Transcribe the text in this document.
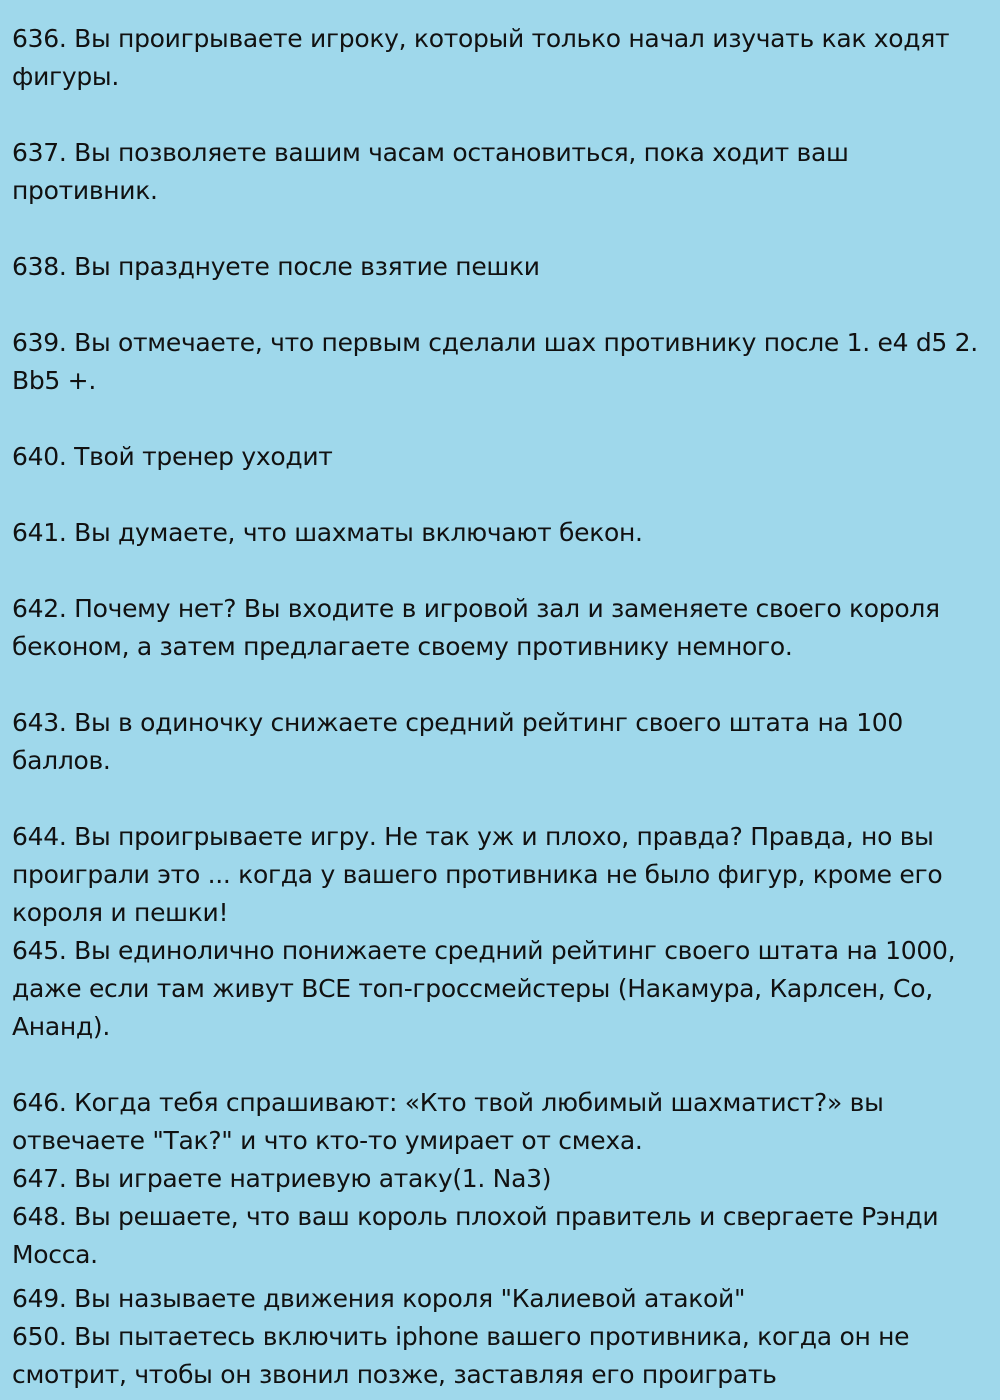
636. Вы проигрываете игроку, который только начал изучать как ходят фигуры.

637. Вы позволяете вашим часам остановиться, пока ходит ваш противник.

638. Вы празднуете после взятие пешки

639. Вы отмечаете, что первым сделали шах противнику после 1. e4 d5 2. Bb5 +.

640. Твой тренер уходит

641. Вы думаете, что шахматы включают бекон.

642. Почему нет? Вы входите в игровой зал и заменяете своего короля беконом, а затем предлагаете своему противнику немного.

643. Вы в одиночку снижаете средний рейтинг своего штата на 100 баллов.

644. Вы проигрываете игру. Не так уж и плохо, правда? Правда, но вы проиграли это ... когда у вашего противника не было фигур, кроме его короля и пешки!

645. Вы единолично понижаете средний рейтинг своего штата на 1000, даже если там живут ВСЕ топ-гроссмейстеры (Накамура, Карлсен, Со, Ананд).

646. Когда тебя спрашивают: «Кто твой любимый шахматист?» вы отвечаете "Так?" и что кто-то умирает от смеха.

647. Вы играете натриевую атаку(1. Na3)

648. Вы решаете, что ваш король плохой правитель и свергаете Рэнди Мосса.

649. Вы называете движения короля "Калиевой атакой"

650. Вы пытаетесь включить iphone вашего противника, когда он не смотрит, чтобы он звонил позже, заставляя его проиграть
